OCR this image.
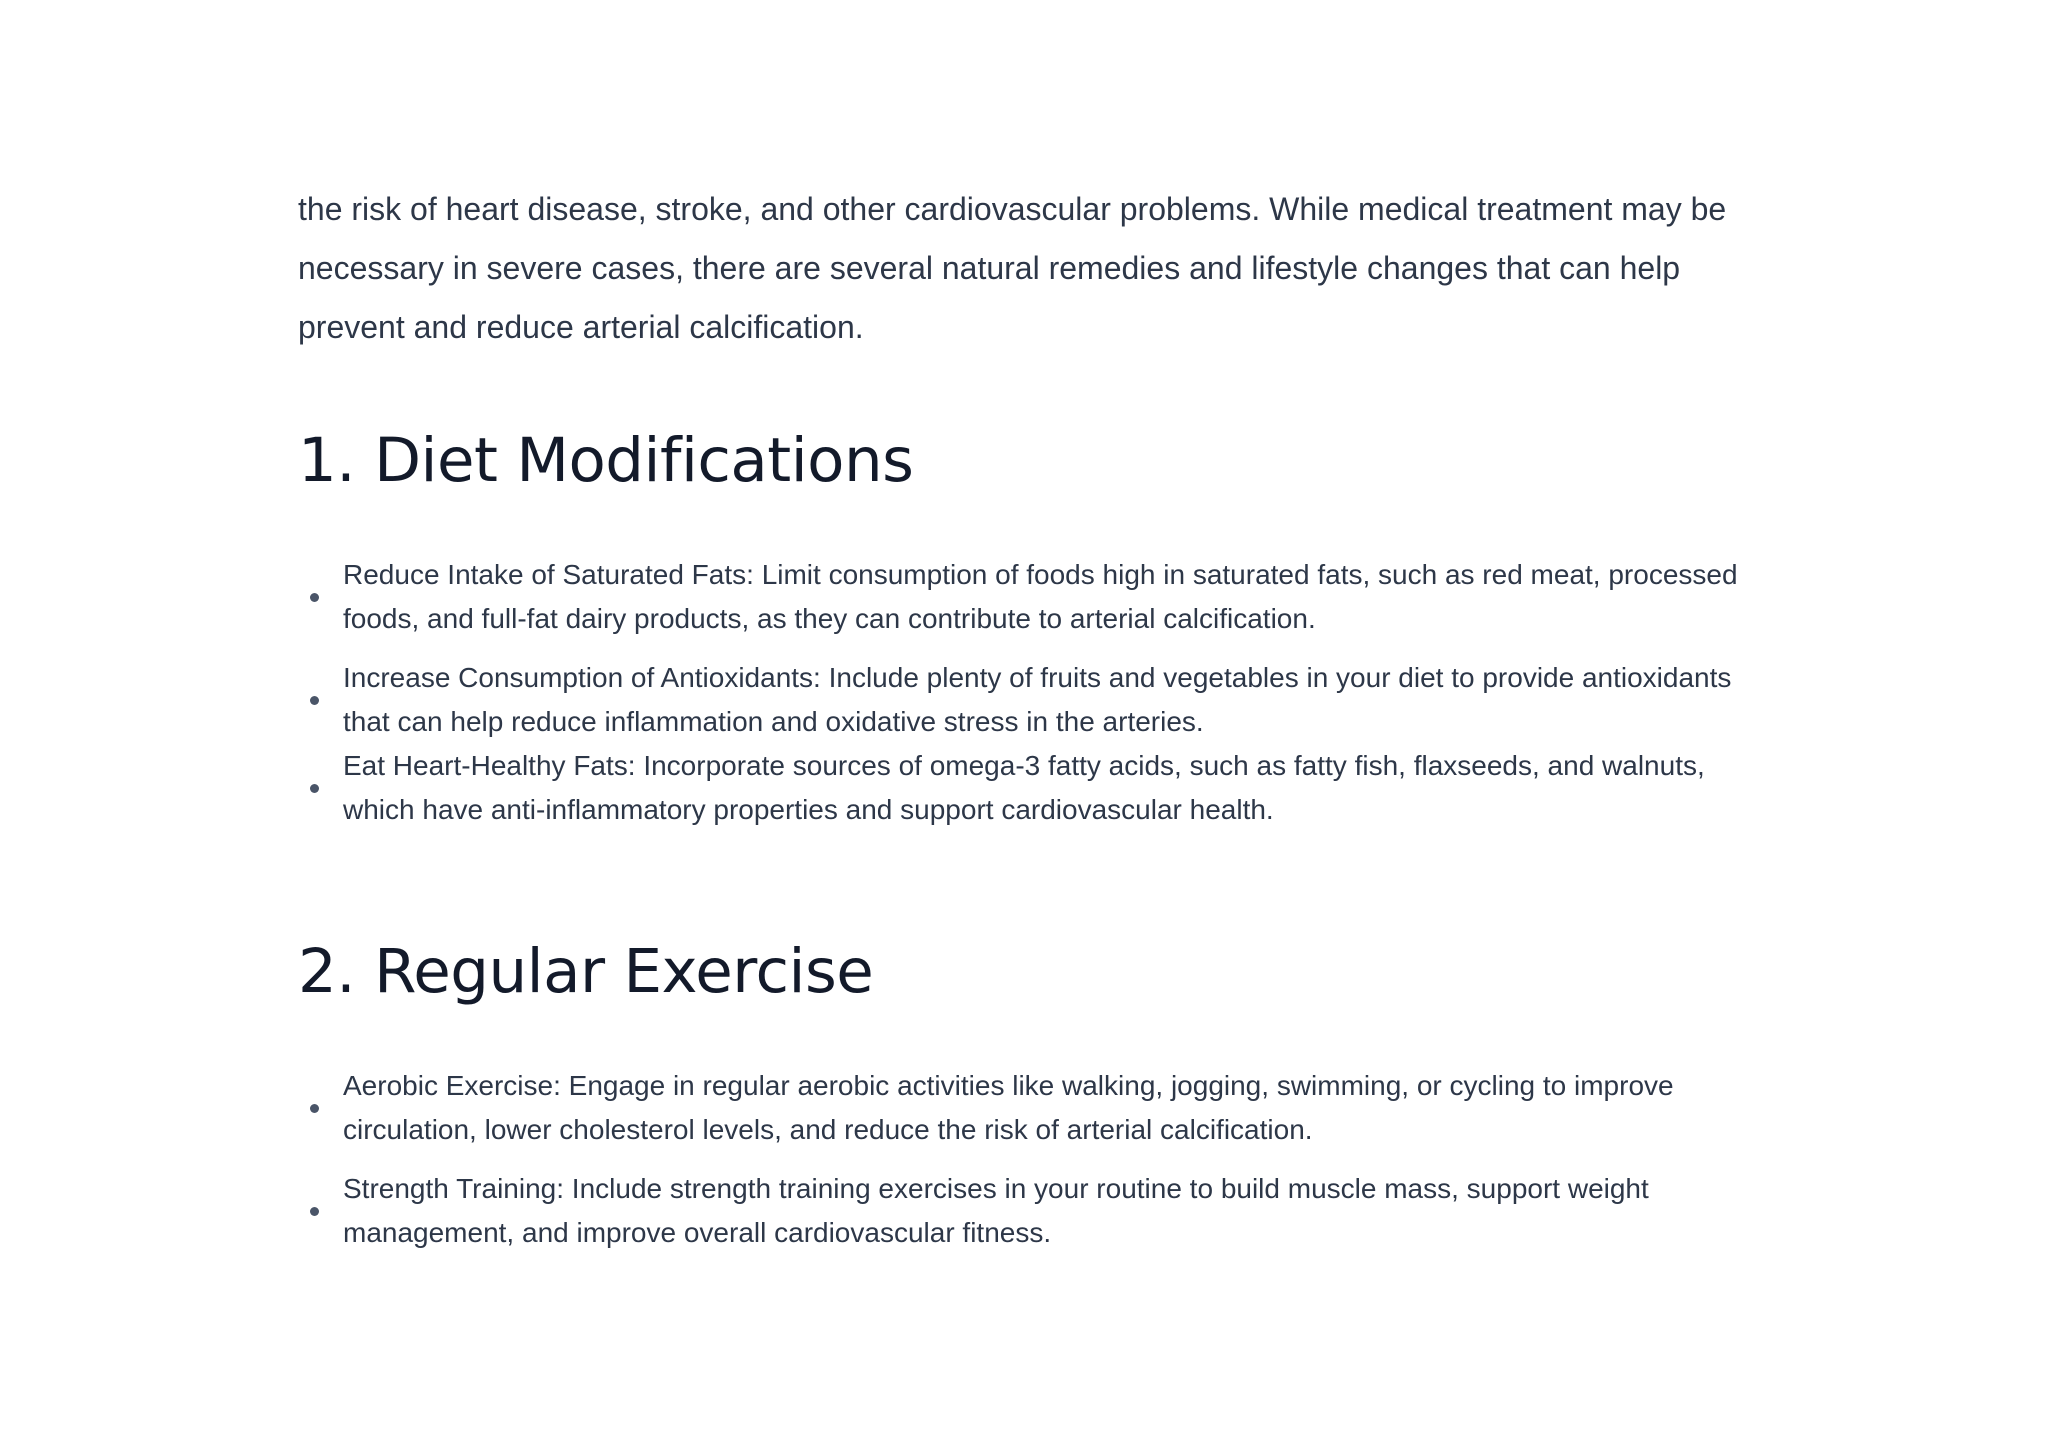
the risk of heart disease, stroke, and other cardiovascular problems. While medical treatment may be necessary in severe cases, there are several natural remedies and lifestyle changes that can help prevent and reduce arterial calcification.

1. Diet Modifications
Reduce Intake of Saturated Fats: Limit consumption of foods high in saturated fats, such as red meat, processed foods, and full-fat dairy products, as they can contribute to arterial calcification.
Increase Consumption of Antioxidants: Include plenty of fruits and vegetables in your diet to provide antioxidants that can help reduce inflammation and oxidative stress in the arteries.
Eat Heart-Healthy Fats: Incorporate sources of omega-3 fatty acids, such as fatty fish, flaxseeds, and walnuts, which have anti-inflammatory properties and support cardiovascular health.
2. Regular Exercise
Aerobic Exercise: Engage in regular aerobic activities like walking, jogging, swimming, or cycling to improve circulation, lower cholesterol levels, and reduce the risk of arterial calcification.
Strength Training: Include strength training exercises in your routine to build muscle mass, support weight management, and improve overall cardiovascular fitness.
